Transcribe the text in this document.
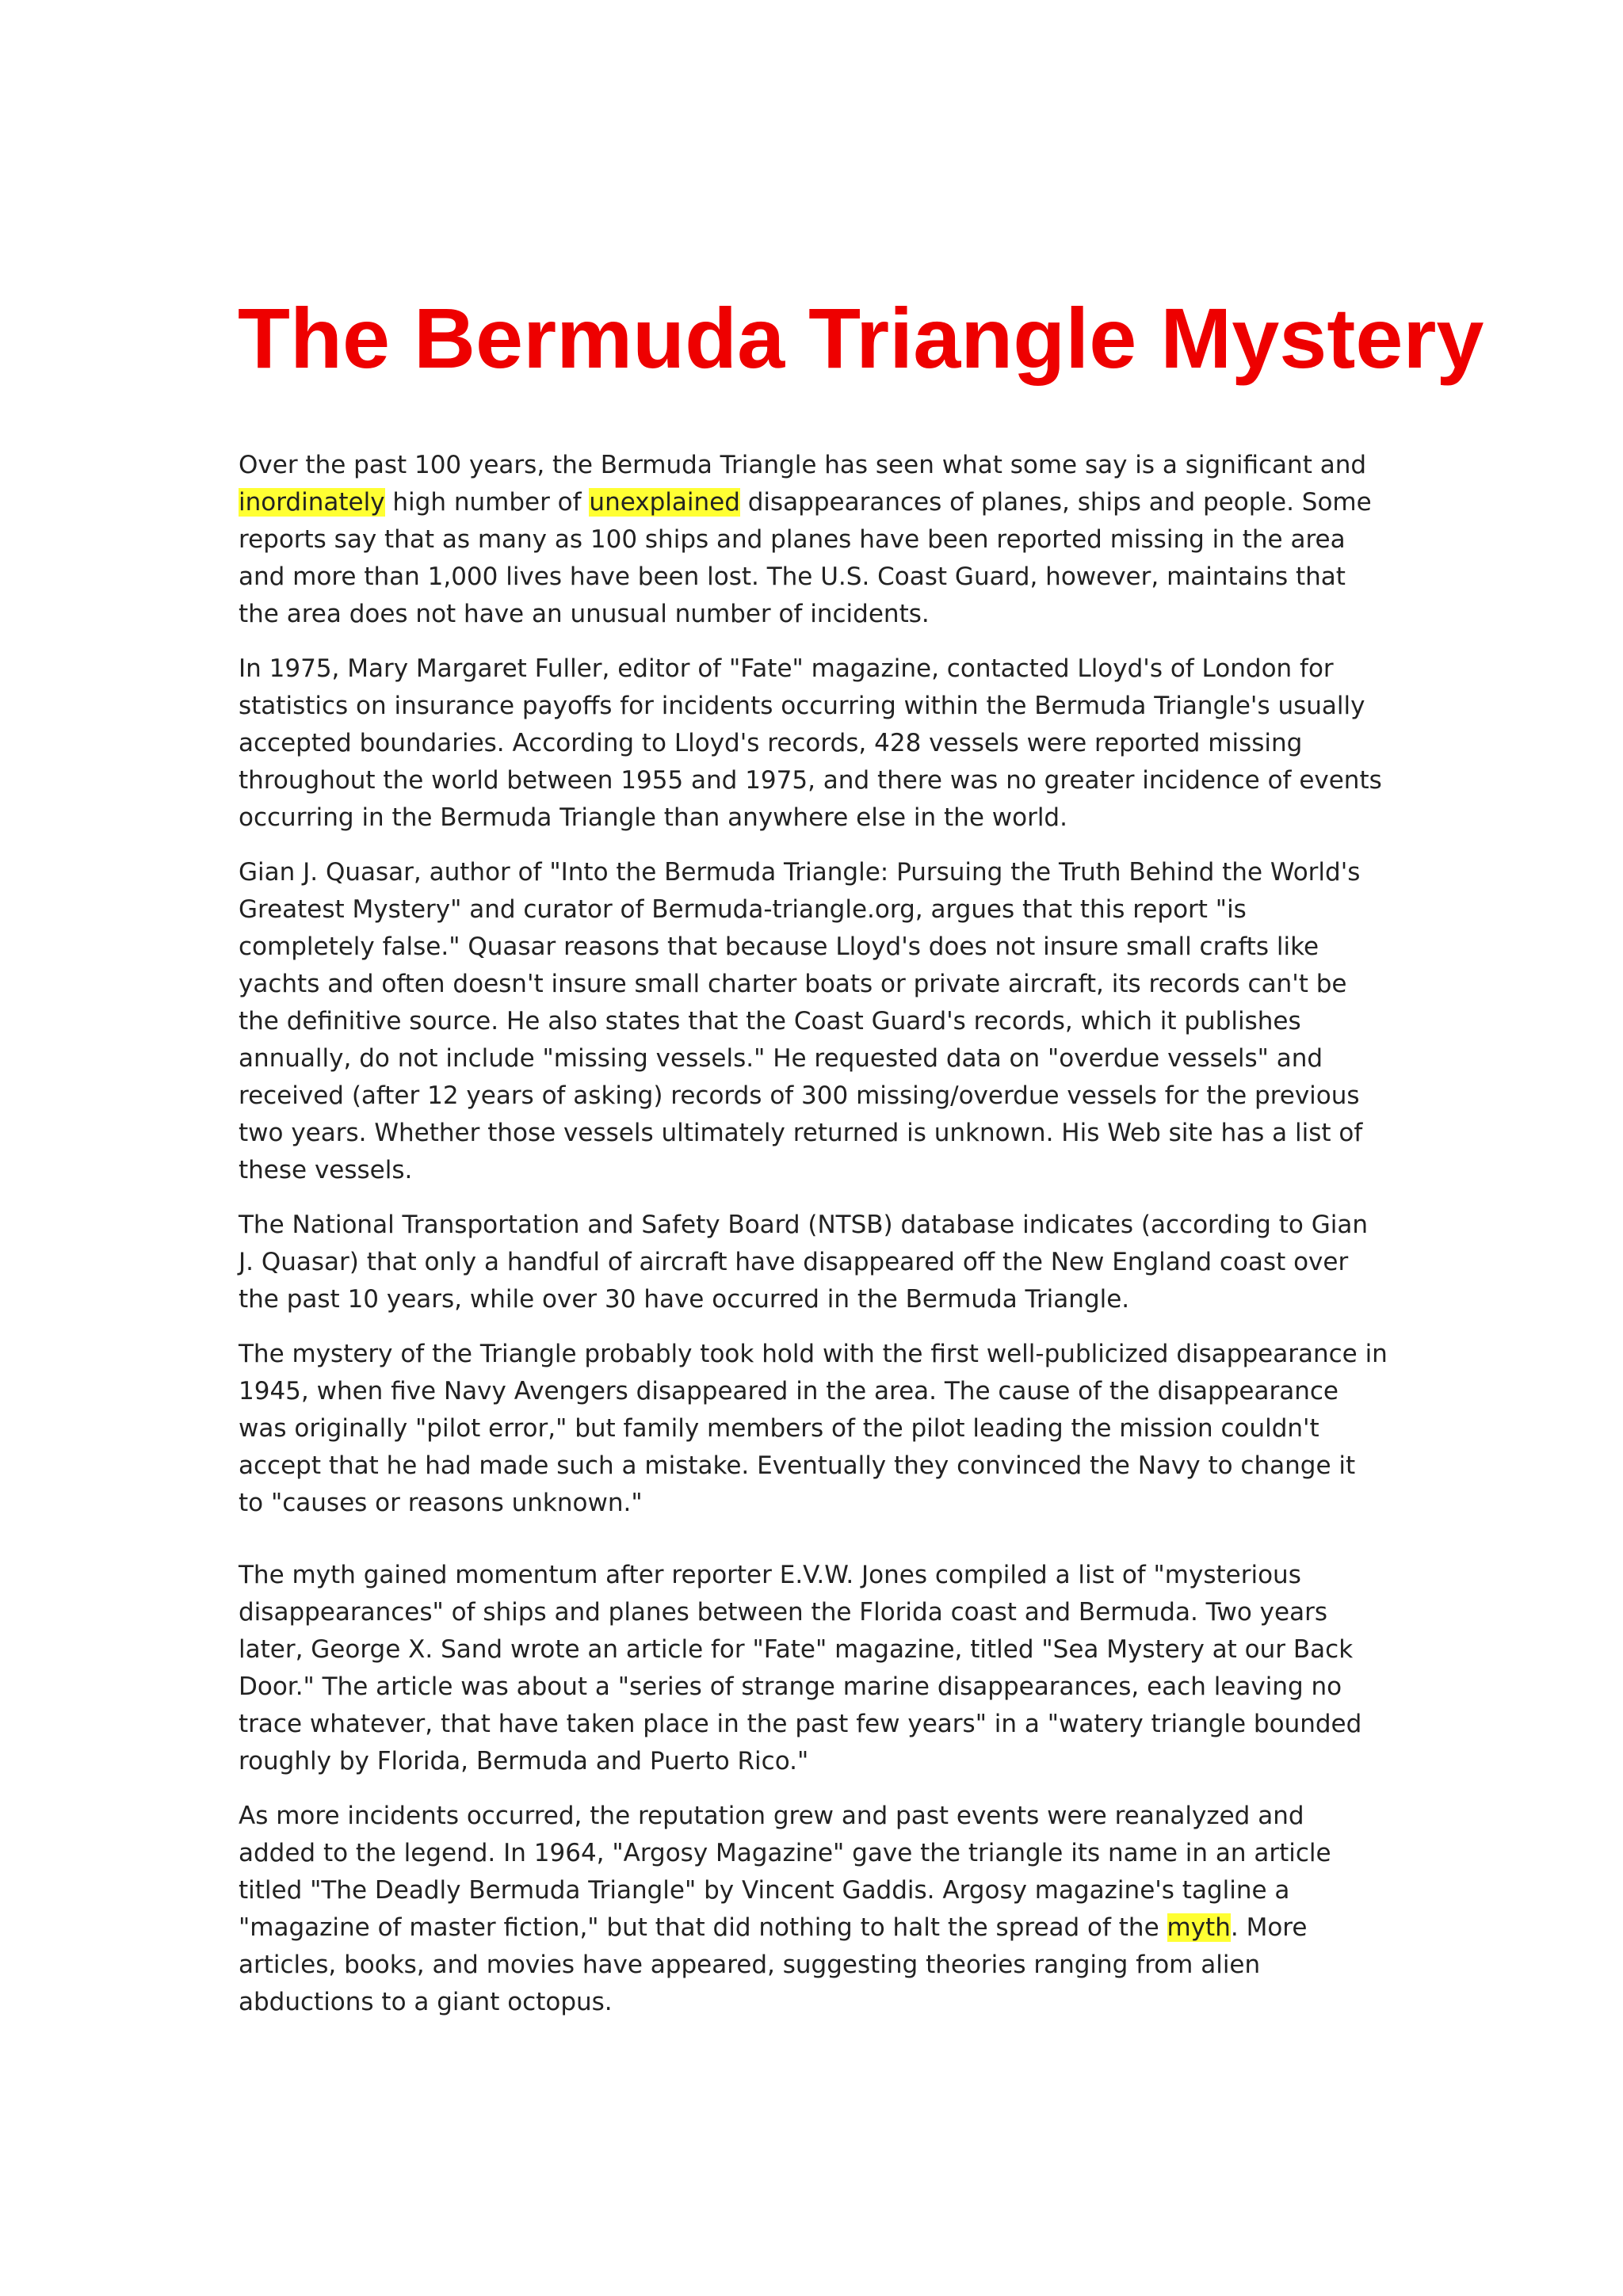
The Bermuda Triangle Mystery

Over the past 100 years, the Bermuda Triangle has seen what some say is a significant and inordinately high number of unexplained disappearances of planes, ships and people. Some reports say that as many as 100 ships and planes have been reported missing in the area and more than 1,000 lives have been lost. The U.S. Coast Guard, however, maintains that the area does not have an unusual number of incidents.

In 1975, Mary Margaret Fuller, editor of "Fate" magazine, contacted Lloyd's of London for statistics on insurance payoffs for incidents occurring within the Bermuda Triangle's usually accepted boundaries. According to Lloyd's records, 428 vessels were reported missing throughout the world between 1955 and 1975, and there was no greater incidence of events occurring in the Bermuda Triangle than anywhere else in the world.

Gian J. Quasar, author of "Into the Bermuda Triangle: Pursuing the Truth Behind the World's Greatest Mystery" and curator of Bermuda-triangle.org, argues that this report "is completely false." Quasar reasons that because Lloyd's does not insure small crafts like yachts and often doesn't insure small charter boats or private aircraft, its records can't be the definitive source. He also states that the Coast Guard's records, which it publishes annually, do not include "missing vessels." He requested data on "overdue vessels" and received (after 12 years of asking) records of 300 missing/overdue vessels for the previous two years. Whether those vessels ultimately returned is unknown. His Web site has a list of these vessels.

The National Transportation and Safety Board (NTSB) database indicates (according to Gian J. Quasar) that only a handful of aircraft have disappeared off the New England coast over the past 10 years, while over 30 have occurred in the Bermuda Triangle.

The mystery of the Triangle probably took hold with the first well-publicized disappearance in 1945, when five Navy Avengers disappeared in the area. The cause of the disappearance was originally "pilot error," but family members of the pilot leading the mission couldn't accept that he had made such a mistake. Eventually they convinced the Navy to change it to "causes or reasons unknown."

The myth gained momentum after reporter E.V.W. Jones compiled a list of "mysterious disappearances" of ships and planes between the Florida coast and Bermuda. Two years later, George X. Sand wrote an article for "Fate" magazine, titled "Sea Mystery at our Back Door." The article was about a "series of strange marine disappearances, each leaving no trace whatever, that have taken place in the past few years" in a "watery triangle bounded roughly by Florida, Bermuda and Puerto Rico."

As more incidents occurred, the reputation grew and past events were reanalyzed and added to the legend. In 1964, "Argosy Magazine" gave the triangle its name in an article titled "The Deadly Bermuda Triangle" by Vincent Gaddis. Argosy magazine's tagline a "magazine of master fiction," but that did nothing to halt the spread of the myth. More articles, books, and movies have appeared, suggesting theories ranging from alien abductions to a giant octopus.
